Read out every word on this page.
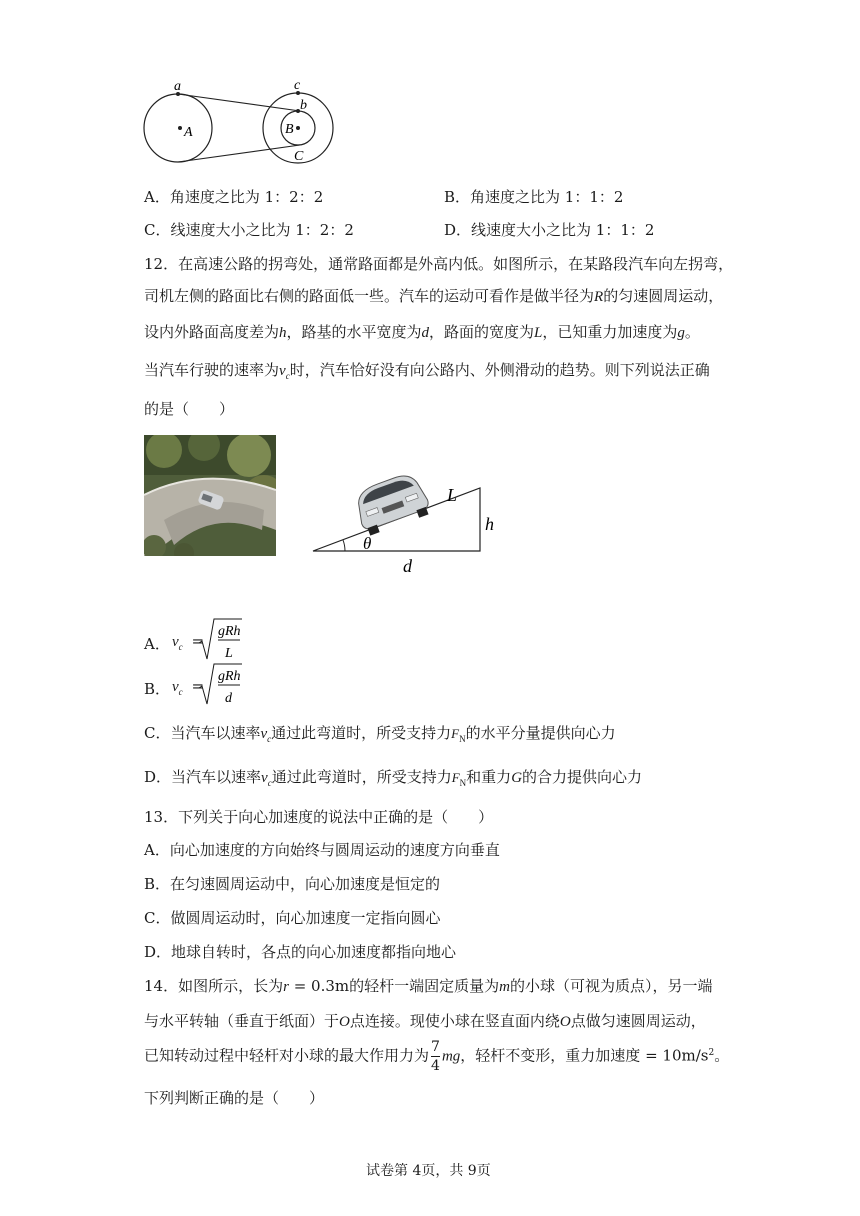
a	c
b
A	B
C
A．角速度之比为 1：2：2	B．角速度之比为 1：1：2
C．线速度大小之比为 1：2：2	D．线速度大小之比为 1：1：2
12．在高速公路的拐弯处，通常路面都是外高内低。如图所示，在某路段汽车向左拐弯，
司机左侧的路面比右侧的路面低一些。汽车的运动可看作是做半径为R的匀速圆周运动，
设内外路面高度差为h，路基的水平宽度为d，路面的宽度为L，已知重力加速度为g。
当汽车行驶的速率为$v_c$时，汽车恰好没有向公路内、外侧滑动的趋势。则下列说法正确
的是（　　）
θ
L
h
d
A． $v_c$ =
gRh
L
B． $v_c$ =
gRh
d
C．当汽车以速率$v_c$通过此弯道时，所受支持力$F_N$的水平分量提供向心力
D．当汽车以速率$v_c$通过此弯道时，所受支持力$F_N$和重力G的合力提供向心力
13．下列关于向心加速度的说法中正确的是（　　）
A．向心加速度的方向始终与圆周运动的速度方向垂直
B．在匀速圆周运动中，向心加速度是恒定的
C．做圆周运动时，向心加速度一定指向圆心
D．地球自转时，各点的向心加速度都指向地心
14．如图所示，长为r = 0.3m的轻杆一端固定质量为m的小球（可视为质点），另一端
与水平转轴（垂直于纸面）于O点连接。现使小球在竖直面内绕O点做匀速圆周运动，
已知转动过程中轻杆对小球的最大作用力为 $\frac{7}{4}$ mg，轻杆不变形，重力加速度 = $10m/s^2$。
下列判断正确的是（　　）
试卷第 4页，共 9页
